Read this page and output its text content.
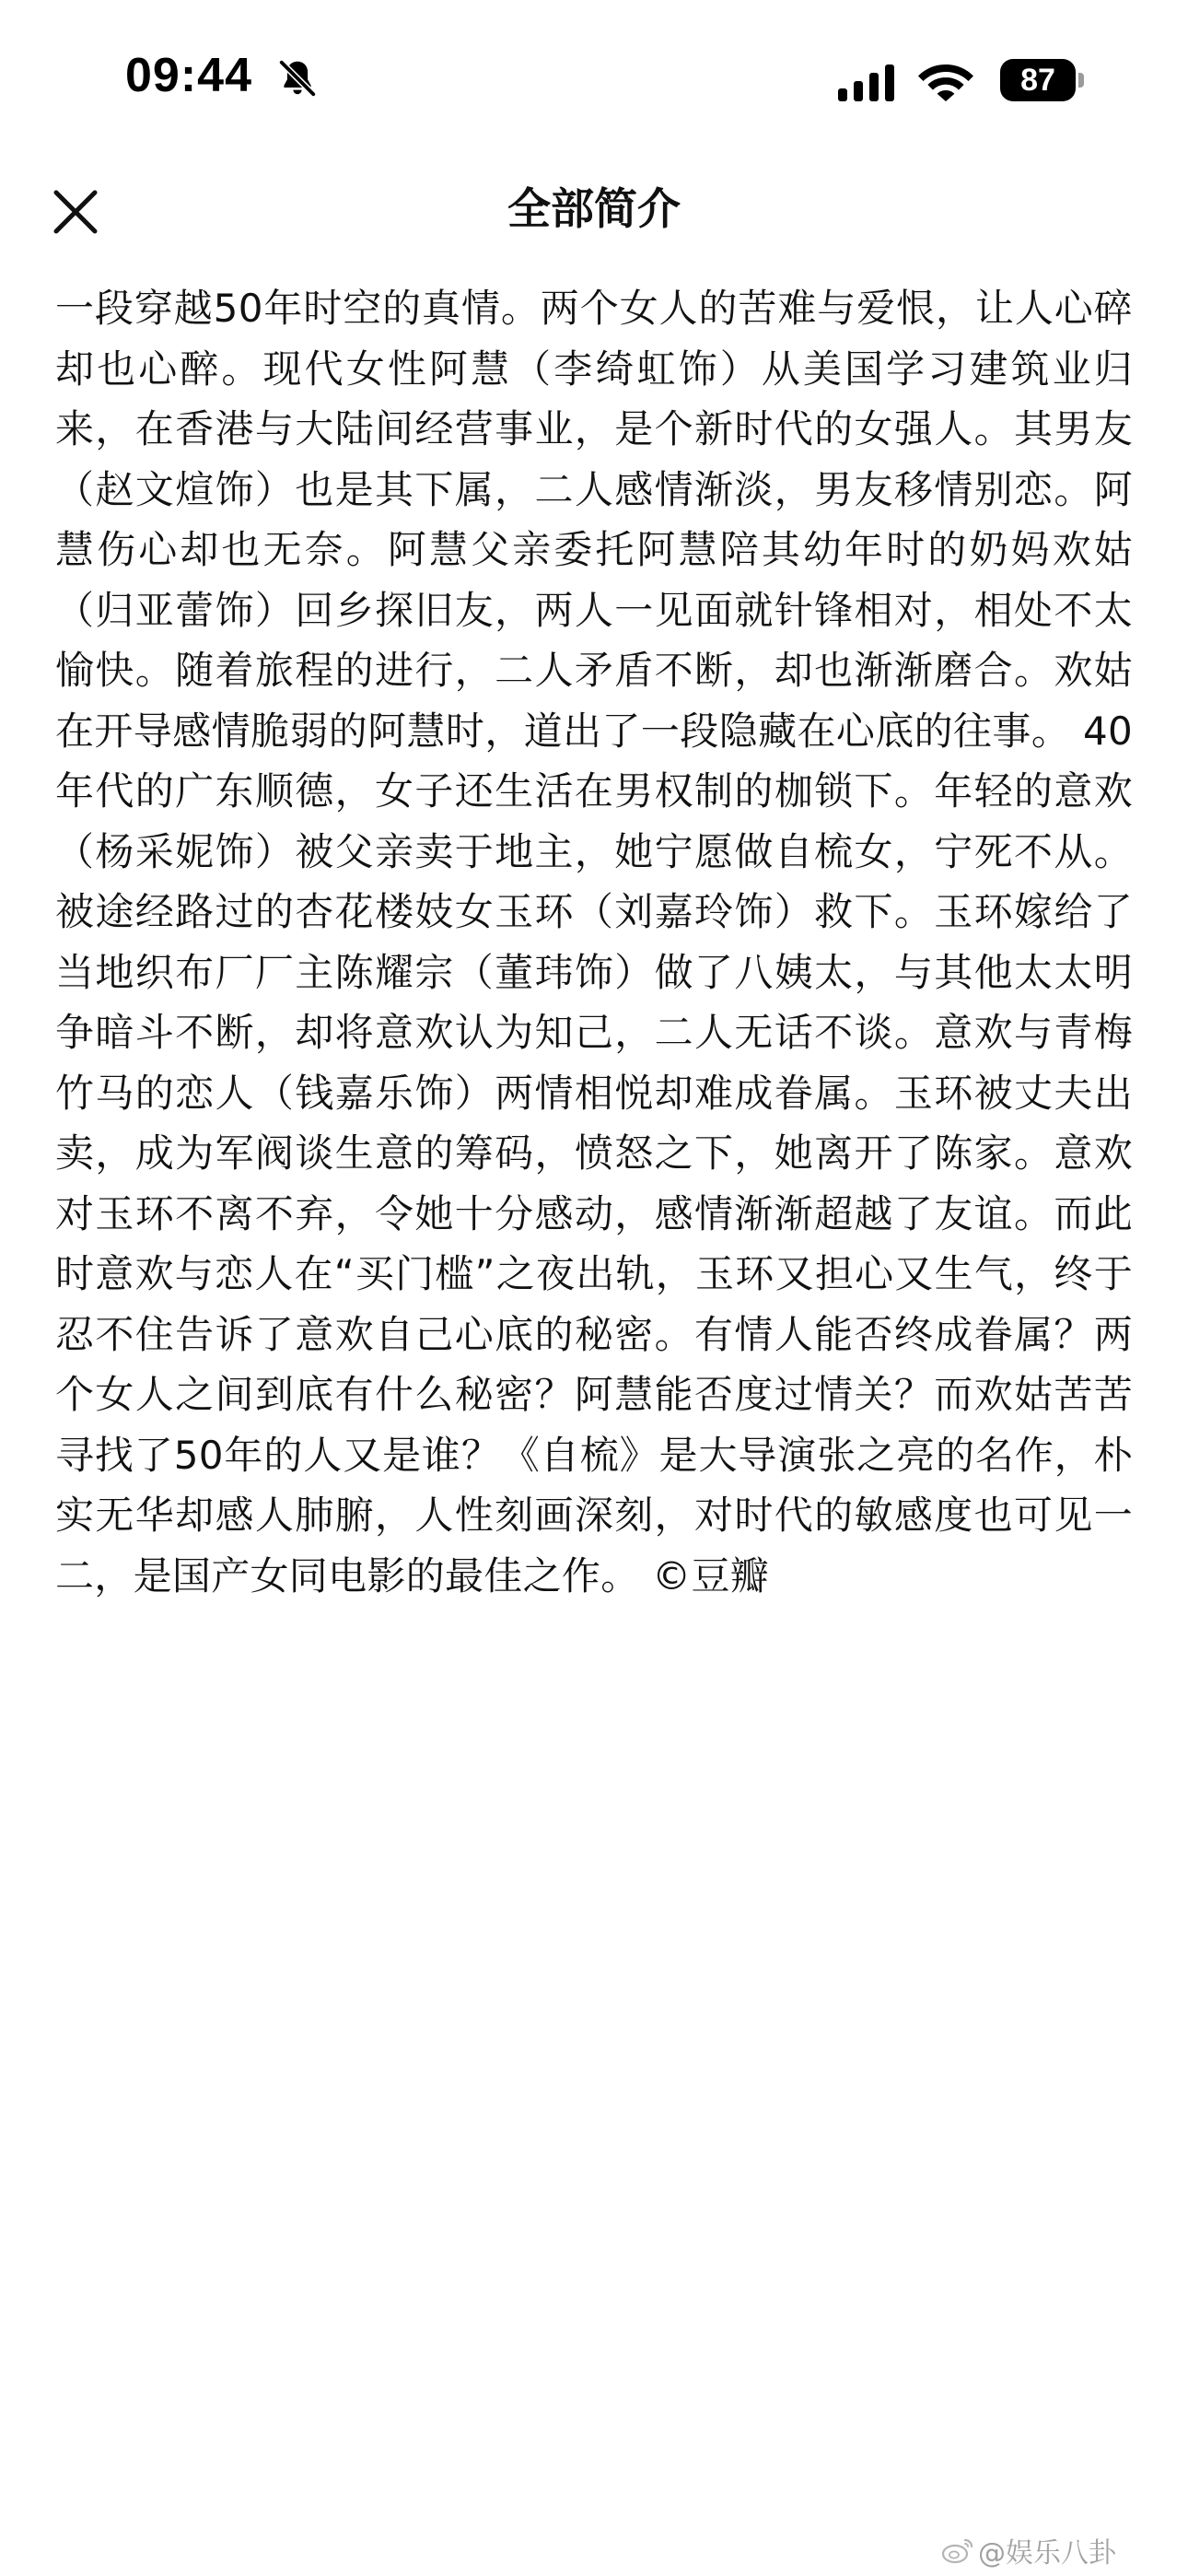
09:44	87
全部简介

一段穿越50年时空的真情。两个女人的苦难与爱恨，让人心碎却也心醉。现代女性阿慧（李绮虹饰）从美国学习建筑业归来，在香港与大陆间经营事业，是个新时代的女强人。其男友（赵文煊饰）也是其下属，二人感情渐淡，男友移情别恋。阿慧伤心却也无奈。阿慧父亲委托阿慧陪其幼年时的奶妈欢姑（归亚蕾饰）回乡探旧友，两人一见面就针锋相对，相处不太愉快。随着旅程的进行，二人矛盾不断，却也渐渐磨合。欢姑在开导感情脆弱的阿慧时，道出了一段隐藏在心底的往事。 40年代的广东顺德，女子还生活在男权制的枷锁下。年轻的意欢（杨采妮饰）被父亲卖于地主，她宁愿做自梳女，宁死不从。被途经路过的杏花楼妓女玉环（刘嘉玲饰）救下。玉环嫁给了当地织布厂厂主陈耀宗（董玮饰）做了八姨太，与其他太太明争暗斗不断，却将意欢认为知己，二人无话不谈。意欢与青梅竹马的恋人（钱嘉乐饰）两情相悦却难成眷属。玉环被丈夫出卖，成为军阀谈生意的筹码，愤怒之下，她离开了陈家。意欢对玉环不离不弃，令她十分感动，感情渐渐超越了友谊。而此时意欢与恋人在“买门槛”之夜出轨，玉环又担心又生气，终于忍不住告诉了意欢自己心底的秘密。有情人能否终成眷属？两个女人之间到底有什么秘密？阿慧能否度过情关？而欢姑苦苦寻找了50年的人又是谁？《自梳》是大导演张之亮的名作，朴实无华却感人肺腑，人性刻画深刻，对时代的敏感度也可见一二，是国产女同电影的最佳之作。 ©豆瓣

@娱乐八卦
